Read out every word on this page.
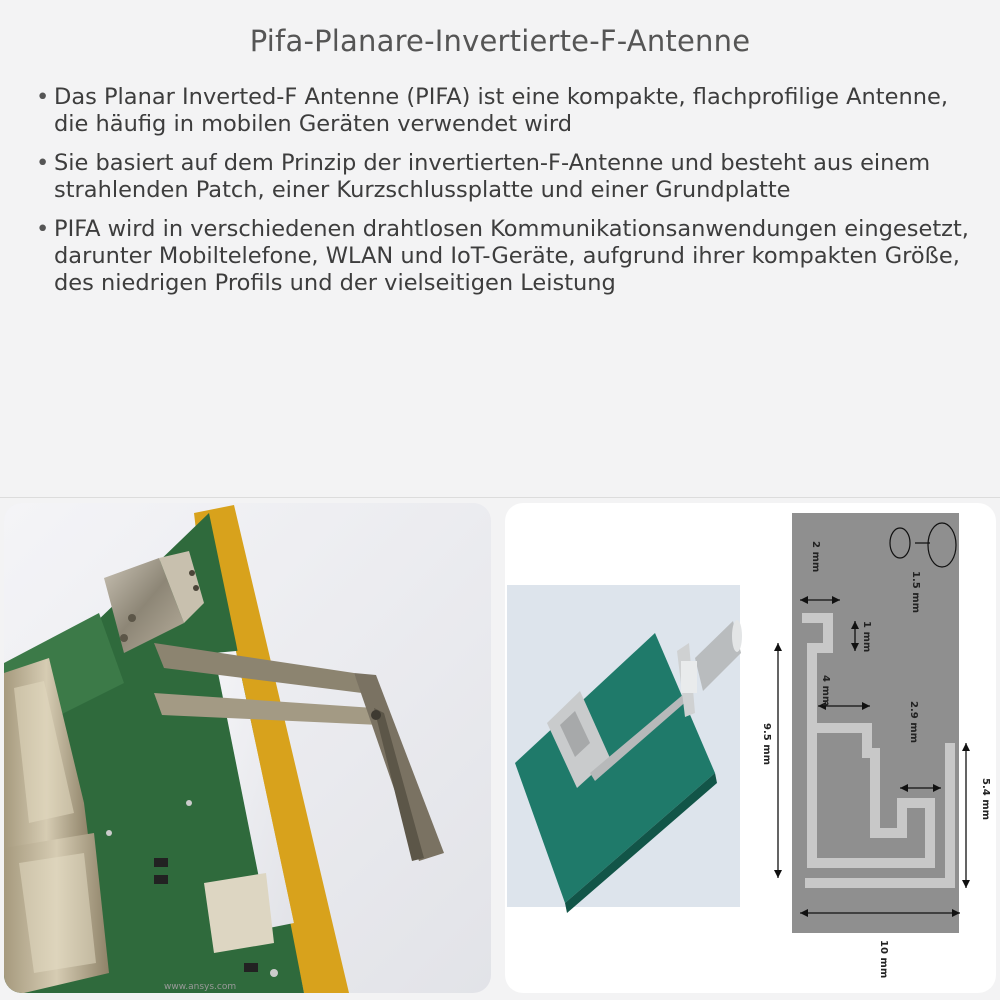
Pifa-Planare-Invertierte-F-Antenne
• Das Planar Inverted-F Antenne (PIFA) ist eine kompakte, flachprofilige Antenne, die häufig in mobilen Geräten verwendet wird
• Sie basiert auf dem Prinzip der invertierten-F-Antenne und besteht aus einem strahlenden Patch, einer Kurzschlussplatte und einer Grundplatte
• PIFA wird in verschiedenen drahtlosen Kommunikationsanwendungen eingesetzt, darunter Mobiltelefone, WLAN und IoT-Geräte, aufgrund ihrer kompakten Größe, des niedrigen Profils und der vielseitigen Leistung
www.ansys.com
2 mm
1.5 mm
1 mm
4 mm
2.9 mm
9.5 mm
5.4 mm
10 mm
